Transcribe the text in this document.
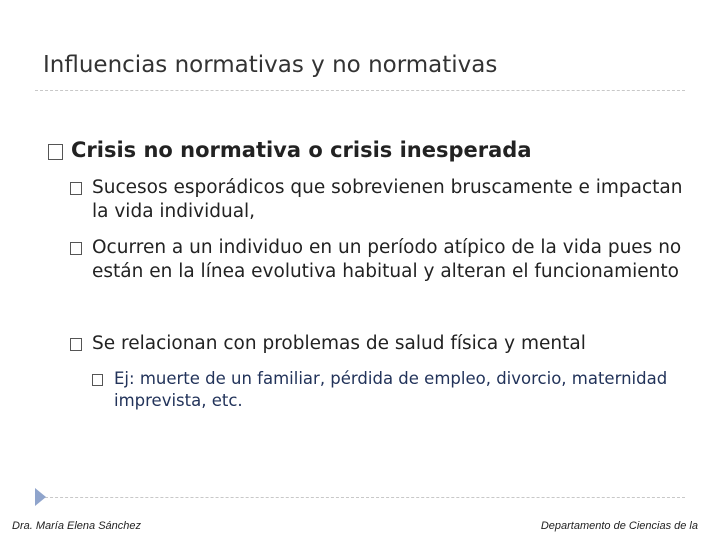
Influencias normativas y no normativas
Crisis no normativa o crisis inesperada
Sucesos esporádicos que sobrevienen bruscamente e impactan la vida individual,
Ocurren a un individuo en un período atípico de la vida pues no están en la línea evolutiva habitual y alteran el funcionamiento
Se relacionan con problemas de salud física y mental
Ej: muerte de un familiar, pérdida de empleo, divorcio, maternidad imprevista, etc.
Dra. María Elena Sánchez	Departamento de Ciencias de la
